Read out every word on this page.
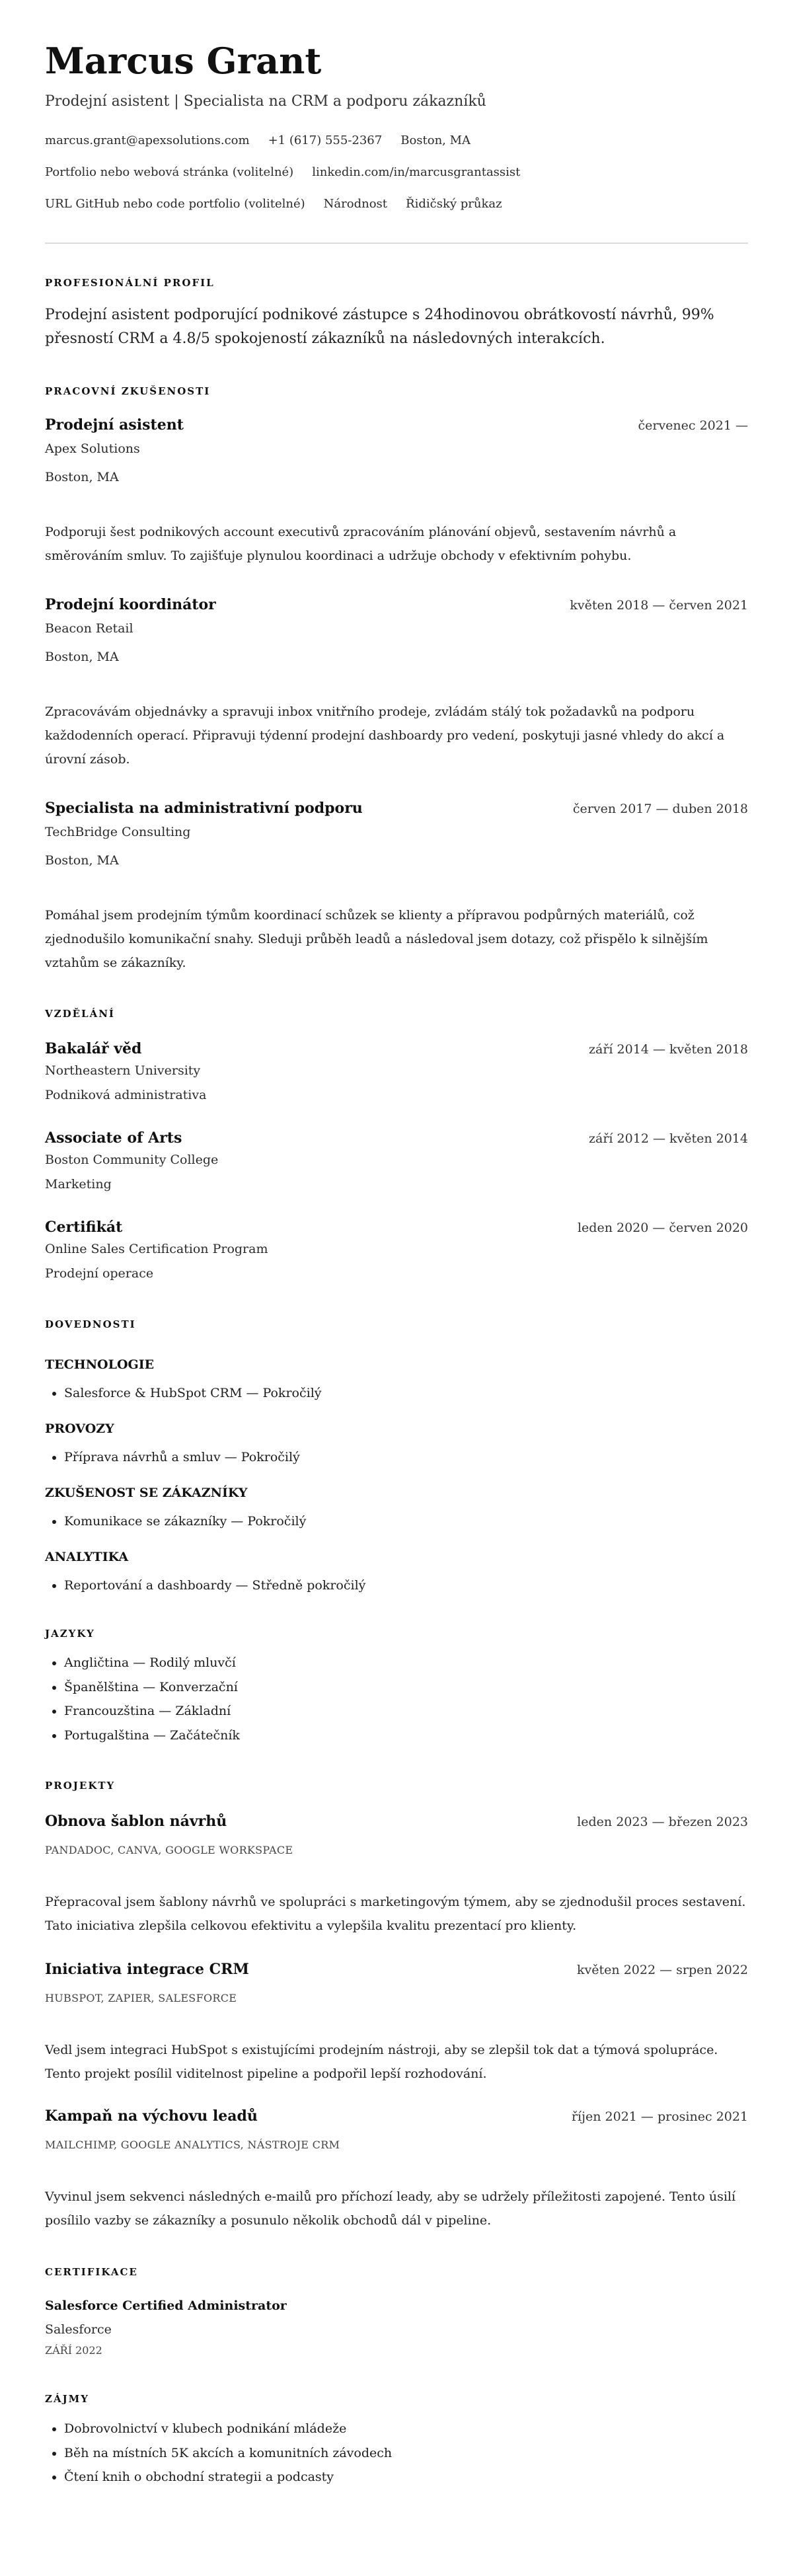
Marcus Grant
Prodejní asistent | Specialista na CRM a podporu zákazníků
marcus.grant@apexsolutions.com +1 (617) 555-2367 Boston, MA
Portfolio nebo webová stránka (volitelné) linkedin.com/in/marcusgrantassist
URL GitHub nebo code portfolio (volitelné) Národnost Řidičský průkaz
PROFESIONÁLNÍ PROFIL
Prodejní asistent podporující podnikové zástupce s 24hodinovou obrátkovostí návrhů, 99% přesností CRM a 4.8/5 spokojeností zákazníků na následovných interakcích.
PRACOVNÍ ZKUŠENOSTI
Prodejní asistent	červenec 2021 —
Apex Solutions
Boston, MA
Podporuji šest podnikových account executivů zpracováním plánování objevů, sestavením návrhů a směrováním smluv. To zajišťuje plynulou koordinaci a udržuje obchody v efektivním pohybu.
Prodejní koordinátor	květen 2018 — červen 2021
Beacon Retail
Boston, MA
Zpracovávám objednávky a spravuji inbox vnitřního prodeje, zvládám stálý tok požadavků na podporu každodenních operací. Připravuji týdenní prodejní dashboardy pro vedení, poskytuji jasné vhledy do akcí a úrovní zásob.
Specialista na administrativní podporu	červen 2017 — duben 2018
TechBridge Consulting
Boston, MA
Pomáhal jsem prodejním týmům koordinací schůzek se klienty a přípravou podpůrných materiálů, což zjednodušilo komunikační snahy. Sleduji průběh leadů a následoval jsem dotazy, což přispělo k silnějším vztahům se zákazníky.
VZDĚLÁNÍ
Bakalář věd	září 2014 — květen 2018
Northeastern University
Podniková administrativa
Associate of Arts	září 2012 — květen 2014
Boston Community College
Marketing
Certifikát	leden 2020 — červen 2020
Online Sales Certification Program
Prodejní operace
DOVEDNOSTI
TECHNOLOGIE
• Salesforce & HubSpot CRM — Pokročilý
PROVOZY
• Příprava návrhů a smluv — Pokročilý
ZKUŠENOST SE ZÁKAZNÍKY
• Komunikace se zákazníky — Pokročilý
ANALYTIKA
• Reportování a dashboardy — Středně pokročilý
JAZYKY
• Angličtina — Rodilý mluvčí
• Španělština — Konverzační
• Francouzština — Základní
• Portugalština — Začátečník
PROJEKTY
Obnova šablon návrhů	leden 2023 — březen 2023
PANDADOC, CANVA, GOOGLE WORKSPACE
Přepracoval jsem šablony návrhů ve spolupráci s marketingovým týmem, aby se zjednodušil proces sestavení. Tato iniciativa zlepšila celkovou efektivitu a vylepšila kvalitu prezentací pro klienty.
Iniciativa integrace CRM	květen 2022 — srpen 2022
HUBSPOT, ZAPIER, SALESFORCE
Vedl jsem integraci HubSpot s existujícími prodejním nástroji, aby se zlepšil tok dat a týmová spolupráce. Tento projekt posílil viditelnost pipeline a podpořil lepší rozhodování.
Kampaň na výchovu leadů	říjen 2021 — prosinec 2021
MAILCHIMP, GOOGLE ANALYTICS, NÁSTROJE CRM
Vyvinul jsem sekvenci následných e-mailů pro příchozí leady, aby se udržely příležitosti zapojené. Tento úsilí posílilo vazby se zákazníky a posunulo několik obchodů dál v pipeline.
CERTIFIKACE
Salesforce Certified Administrator
Salesforce
ZÁŘÍ 2022
ZÁJMY
• Dobrovolnictví v klubech podnikání mládeže
• Běh na místních 5K akcích a komunitních závodech
• Čtení knih o obchodní strategii a podcasty
